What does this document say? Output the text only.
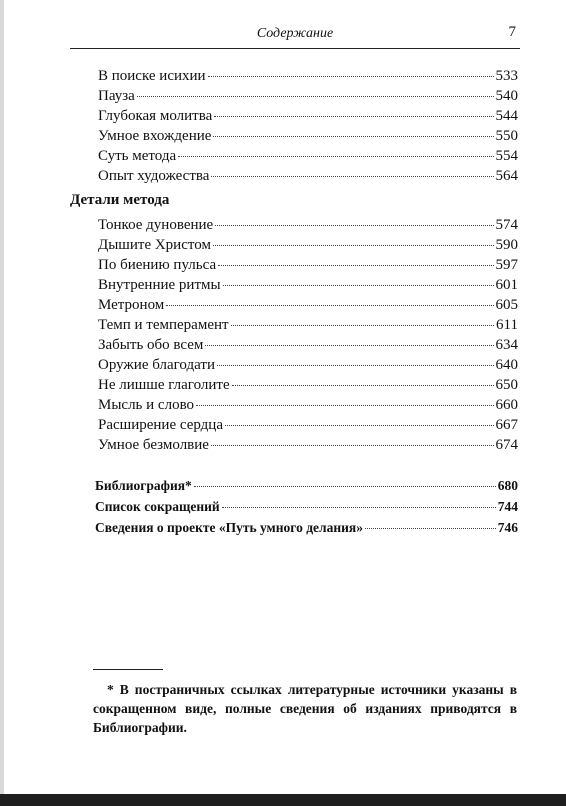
Содержание	7
В поиске исихии	533
Пауза	540
Глубокая молитва	544
Умное вхождение	550
Суть метода	554
Опыт художества	564
Детали метода
Тонкое дуновение	574
Дышите Христом	590
По биению пульса	597
Внутренние ритмы	601
Метроном	605
Темп и темперамент	611
Забыть обо всем	634
Оружие благодати	640
Не лишше глаголите	650
Мысль и слово	660
Расширение сердца	667
Умное безмолвие	674
Библиография*	680
Список сокращений	744
Сведения о проекте «Путь умного делания»	746
* В постраничных ссылках литературные источники указаны в сокращенном виде, полные сведения об изданиях приводятся в Библиографии.
